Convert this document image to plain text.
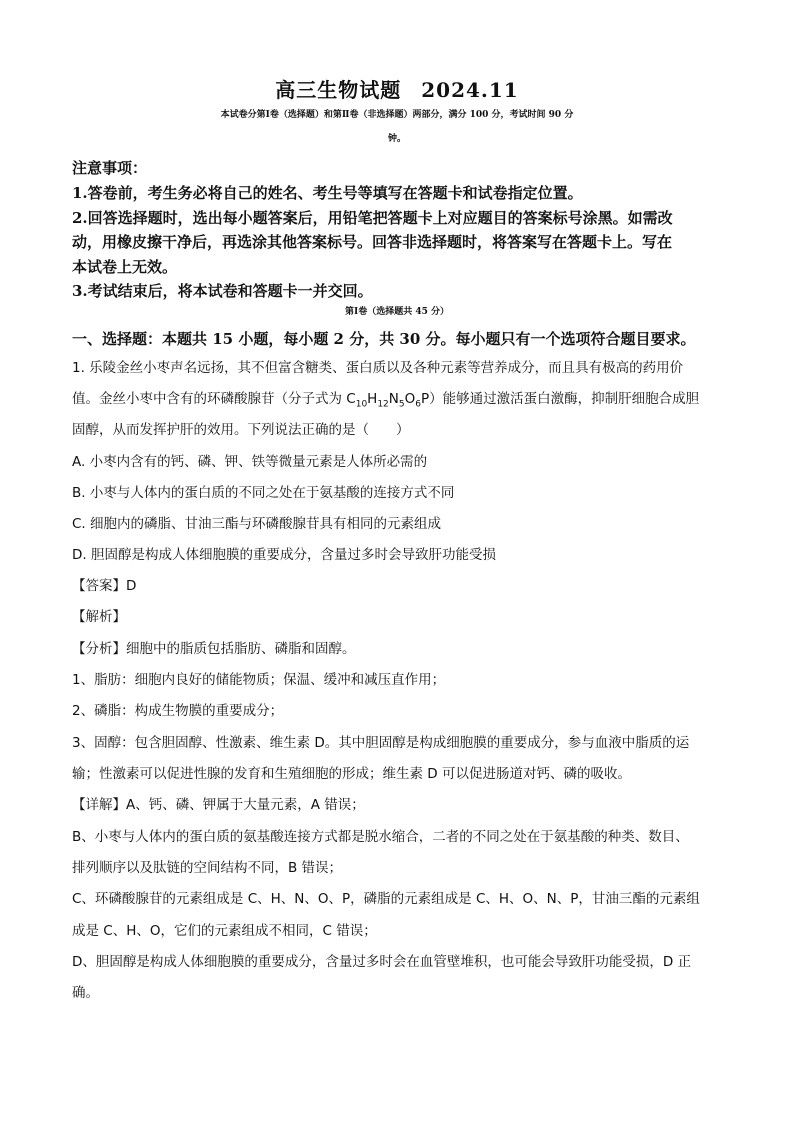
高三生物试题 2024.11
本试卷分第Ⅰ卷（选择题）和第Ⅱ卷（非选择题）两部分，满分 100 分，考试时间 90 分
钟。
注意事项：
1.答卷前，考生务必将自己的姓名、考生号等填写在答题卡和试卷指定位置。
2.回答选择题时，选出每小题答案后，用铅笔把答题卡上对应题目的答案标号涂黑。如需改
动，用橡皮擦干净后，再选涂其他答案标号。回答非选择题时，将答案写在答题卡上。写在
本试卷上无效。
3.考试结束后，将本试卷和答题卡一并交回。
第Ⅰ卷（选择题共 45 分）
一、选择题：本题共 15 小题，每小题 2 分，共 30 分。每小题只有一个选项符合题目要求。
1. 乐陵金丝小枣声名远扬，其不但富含糖类、蛋白质以及各种元素等营养成分，而且具有极高的药用价
值。金丝小枣中含有的环磷酸腺苷（分子式为 $C_{10}H_{12}N_5O_6P$）能够通过激活蛋白激酶，抑制肝细胞合成胆
固醇，从而发挥护肝的效用。下列说法正确的是（　　）
A. 小枣内含有的钙、磷、钾、铁等微量元素是人体所必需的
B. 小枣与人体内的蛋白质的不同之处在于氨基酸的连接方式不同
C. 细胞内的磷脂、甘油三酯与环磷酸腺苷具有相同的元素组成
D. 胆固醇是构成人体细胞膜的重要成分，含量过多时会导致肝功能受损
【答案】D
【解析】
【分析】细胞中的脂质包括脂肪、磷脂和固醇。
1、脂肪：细胞内良好的储能物质；保温、缓冲和减压直作用；
2、磷脂：构成生物膜的重要成分；
3、固醇：包含胆固醇、性激素、维生素 D。其中胆固醇是构成细胞膜的重要成分，参与血液中脂质的运
输；性激素可以促进性腺的发育和生殖细胞的形成；维生素 D 可以促进肠道对钙、磷的吸收。
【详解】A、钙、磷、钾属于大量元素，A 错误；
B、小枣与人体内的蛋白质的氨基酸连接方式都是脱水缩合，二者的不同之处在于氨基酸的种类、数目、
排列顺序以及肽链的空间结构不同，B 错误；
C、环磷酸腺苷的元素组成是 C、H、N、O、P，磷脂的元素组成是 C、H、O、N、P，甘油三酯的元素组
成是 C、H、O，它们的元素组成不相同，C 错误；
D、胆固醇是构成人体细胞膜的重要成分，含量过多时会在血管壁堆积，也可能会导致肝功能受损，D 正
确。
